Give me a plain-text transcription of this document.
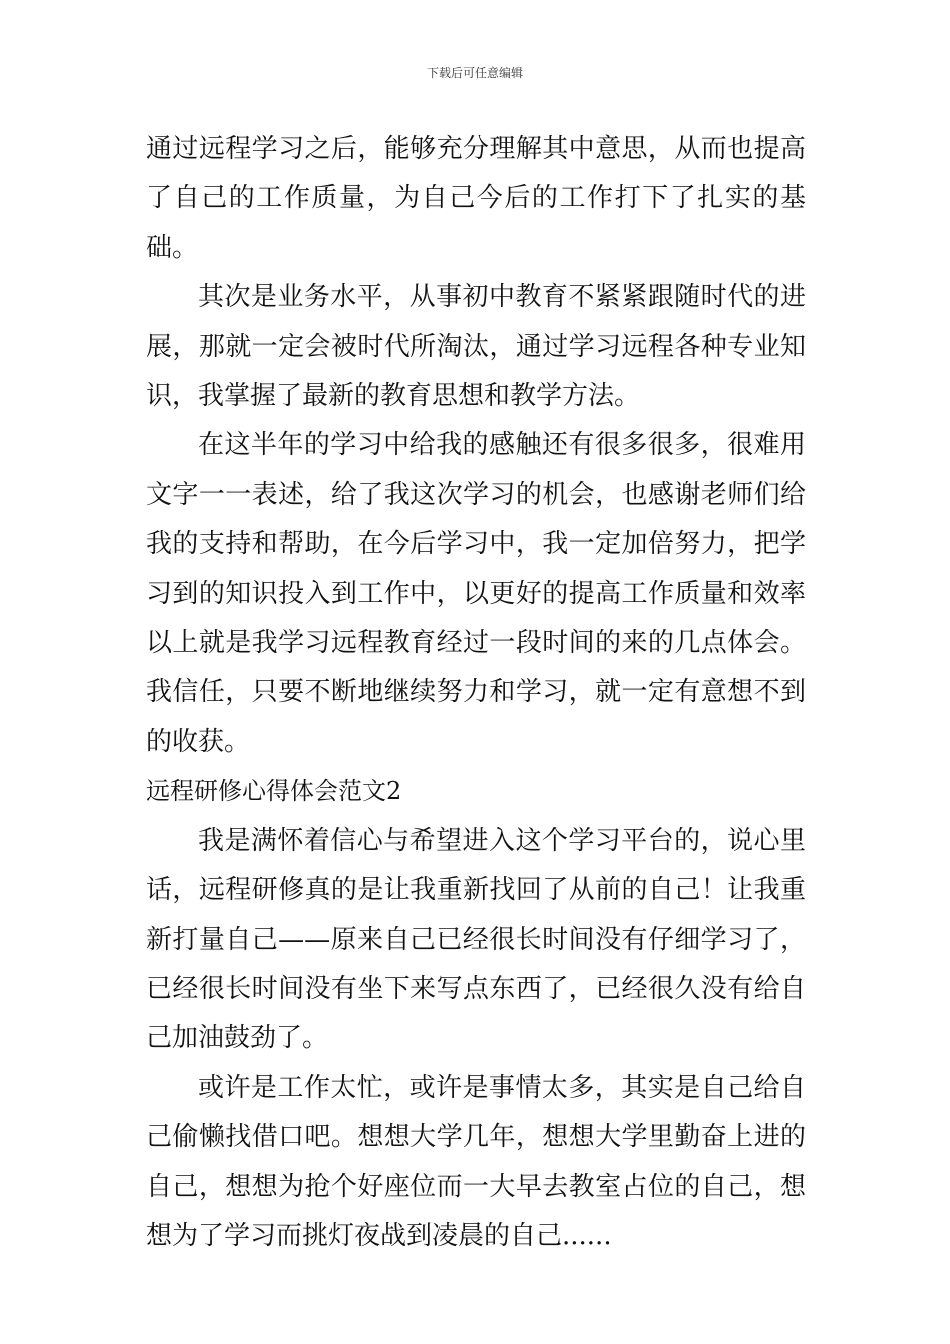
下载后可任意编辑

通过远程学习之后，能够充分理解其中意思，从而也提高了自己的工作质量，为自己今后的工作打下了扎实的基础。

其次是业务水平，从事初中教育不紧紧跟随时代的进展，那就一定会被时代所淘汰，通过学习远程各种专业知识，我掌握了最新的教育思想和教学方法。

在这半年的学习中给我的感触还有很多很多，很难用文字一一表述，给了我这次学习的机会，也感谢老师们给我的支持和帮助，在今后学习中，我一定加倍努力，把学习到的知识投入到工作中，以更好的提高工作质量和效率以上就是我学习远程教育经过一段时间的来的几点体会。我信任，只要不断地继续努力和学习，就一定有意想不到的收获。

远程研修心得体会范文2

我是满怀着信心与希望进入这个学习平台的，说心里话，远程研修真的是让我重新找回了从前的自己！让我重新打量自己——原来自己已经很长时间没有仔细学习了，已经很长时间没有坐下来写点东西了，已经很久没有给自己加油鼓劲了。

或许是工作太忙，或许是事情太多，其实是自己给自己偷懒找借口吧。想想大学几年，想想大学里勤奋上进的自己，想想为抢个好座位而一大早去教室占位的自己，想想为了学习而挑灯夜战到凌晨的自己......
